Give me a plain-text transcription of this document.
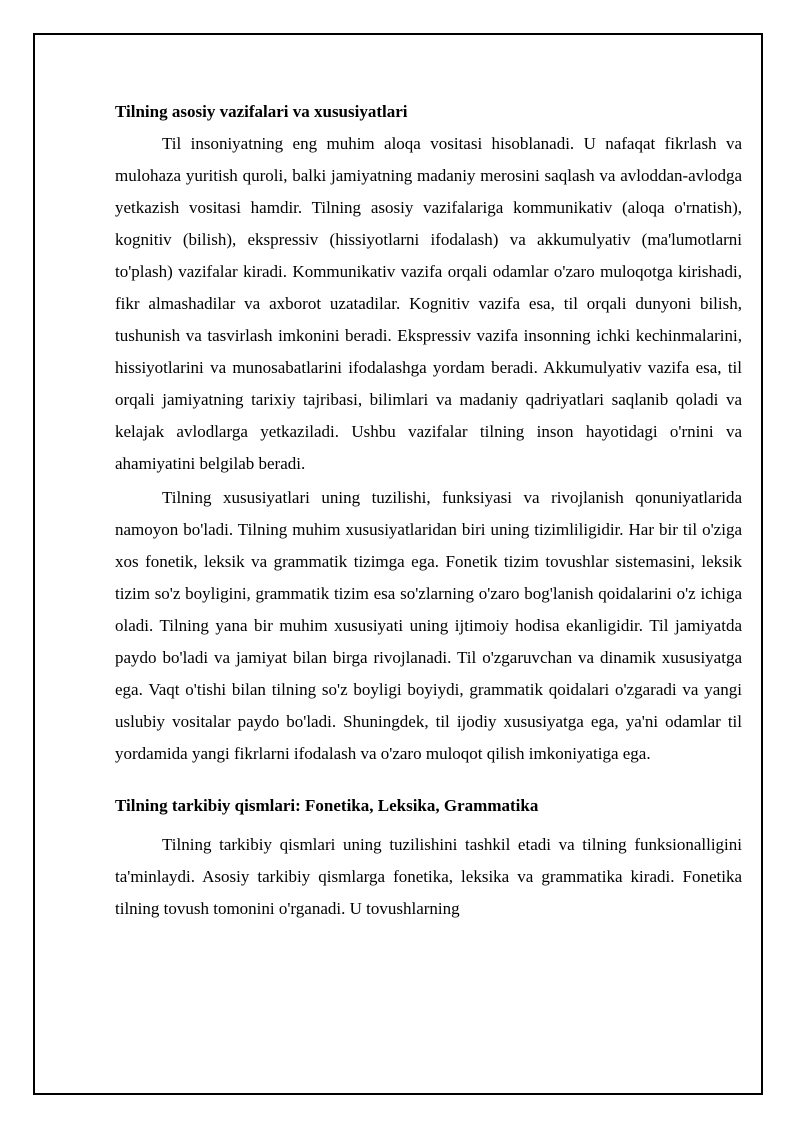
Tilning asosiy vazifalari va xususiyatlari

Til insoniyatning eng muhim aloqa vositasi hisoblanadi. U nafaqat fikrlash va mulohaza yuritish quroli, balki jamiyatning madaniy merosini saqlash va avloddan-avlodga yetkazish vositasi hamdir. Tilning asosiy vazifalariga kommunikativ (aloqa o'rnatish), kognitiv (bilish), ekspressiv (hissiyotlarni ifodalash) va akkumulyativ (ma'lumotlarni to'plash) vazifalar kiradi. Kommunikativ vazifa orqali odamlar o'zaro muloqotga kirishadi, fikr almashadilar va axborot uzatadilar. Kognitiv vazifa esa, til orqali dunyoni bilish, tushunish va tasvirlash imkonini beradi. Ekspressiv vazifa insonning ichki kechinmalarini, hissiyotlarini va munosabatlarini ifodalashga yordam beradi. Akkumulyativ vazifa esa, til orqali jamiyatning tarixiy tajribasi, bilimlari va madaniy qadriyatlari saqlanib qoladi va kelajak avlodlarga yetkaziladi. Ushbu vazifalar tilning inson hayotidagi o'rnini va ahamiyatini belgilab beradi.

Tilning xususiyatlari uning tuzilishi, funksiyasi va rivojlanish qonuniyatlarida namoyon bo'ladi. Tilning muhim xususiyatlaridan biri uning tizimliligidir. Har bir til o'ziga xos fonetik, leksik va grammatik tizimga ega. Fonetik tizim tovushlar sistemasini, leksik tizim so'z boyligini, grammatik tizim esa so'zlarning o'zaro bog'lanish qoidalarini o'z ichiga oladi. Tilning yana bir muhim xususiyati uning ijtimoiy hodisa ekanligidir. Til jamiyatda paydo bo'ladi va jamiyat bilan birga rivojlanadi. Til o'zgaruvchan va dinamik xususiyatga ega. Vaqt o'tishi bilan tilning so'z boyligi boyiydi, grammatik qoidalari o'zgaradi va yangi uslubiy vositalar paydo bo'ladi. Shuningdek, til ijodiy xususiyatga ega, ya'ni odamlar til yordamida yangi fikrlarni ifodalash va o'zaro muloqot qilish imkoniyatiga ega.

Tilning tarkibiy qismlari: Fonetika, Leksika, Grammatika

Tilning tarkibiy qismlari uning tuzilishini tashkil etadi va tilning funksionalligini ta'minlaydi. Asosiy tarkibiy qismlarga fonetika, leksika va grammatika kiradi. Fonetika tilning tovush tomonini o'rganadi. U tovushlarning
